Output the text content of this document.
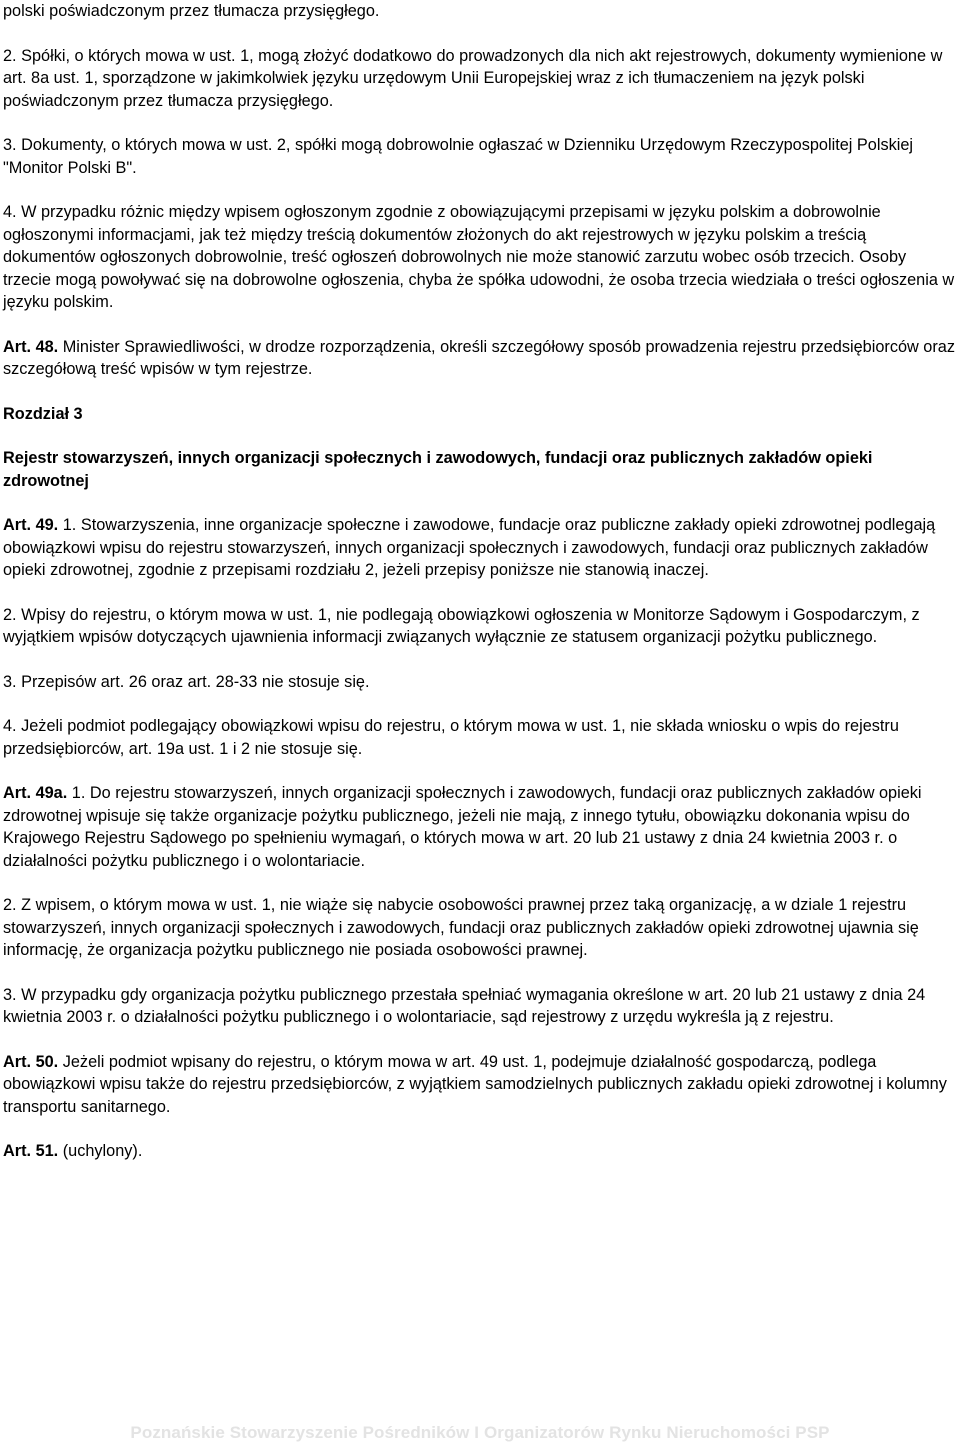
polski poświadczonym przez tłumacza przysięgłego.

2. Spółki, o których mowa w ust. 1, mogą złożyć dodatkowo do prowadzonych dla nich akt rejestrowych, dokumenty wymienione w art. 8a ust. 1, sporządzone w jakimkolwiek języku urzędowym Unii Europejskiej wraz z ich tłumaczeniem na język polski poświadczonym przez tłumacza przysięgłego.

3. Dokumenty, o których mowa w ust. 2, spółki mogą dobrowolnie ogłaszać w Dzienniku Urzędowym Rzeczypospolitej Polskiej "Monitor Polski B".

4. W przypadku różnic między wpisem ogłoszonym zgodnie z obowiązującymi przepisami w języku polskim a dobrowolnie ogłoszonymi informacjami, jak też między treścią dokumentów złożonych do akt rejestrowych w języku polskim a treścią dokumentów ogłoszonych dobrowolnie, treść ogłoszeń dobrowolnych nie może stanowić zarzutu wobec osób trzecich. Osoby trzecie mogą powoływać się na dobrowolne ogłoszenia, chyba że spółka udowodni, że osoba trzecia wiedziała o treści ogłoszenia w języku polskim.

Art. 48. Minister Sprawiedliwości, w drodze rozporządzenia, określi szczegółowy sposób prowadzenia rejestru przedsiębiorców oraz szczegółową treść wpisów w tym rejestrze.

Rozdział 3

Rejestr stowarzyszeń, innych organizacji społecznych i zawodowych, fundacji oraz publicznych zakładów opieki zdrowotnej

Art. 49. 1. Stowarzyszenia, inne organizacje społeczne i zawodowe, fundacje oraz publiczne zakłady opieki zdrowotnej podlegają obowiązkowi wpisu do rejestru stowarzyszeń, innych organizacji społecznych i zawodowych, fundacji oraz publicznych zakładów opieki zdrowotnej, zgodnie z przepisami rozdziału 2, jeżeli przepisy poniższe nie stanowią inaczej.

2. Wpisy do rejestru, o którym mowa w ust. 1, nie podlegają obowiązkowi ogłoszenia w Monitorze Sądowym i Gospodarczym, z wyjątkiem wpisów dotyczących ujawnienia informacji związanych wyłącznie ze statusem organizacji pożytku publicznego.

3. Przepisów art. 26 oraz art. 28-33 nie stosuje się.

4. Jeżeli podmiot podlegający obowiązkowi wpisu do rejestru, o którym mowa w ust. 1, nie składa wniosku o wpis do rejestru przedsiębiorców, art. 19a ust. 1 i 2 nie stosuje się.

Art. 49a. 1. Do rejestru stowarzyszeń, innych organizacji społecznych i zawodowych, fundacji oraz publicznych zakładów opieki zdrowotnej wpisuje się także organizacje pożytku publicznego, jeżeli nie mają, z innego tytułu, obowiązku dokonania wpisu do Krajowego Rejestru Sądowego po spełnieniu wymagań, o których mowa w art. 20 lub 21 ustawy z dnia 24 kwietnia 2003 r. o działalności pożytku publicznego i o wolontariacie.

2. Z wpisem, o którym mowa w ust. 1, nie wiąże się nabycie osobowości prawnej przez taką organizację, a w dziale 1 rejestru stowarzyszeń, innych organizacji społecznych i zawodowych, fundacji oraz publicznych zakładów opieki zdrowotnej ujawnia się informację, że organizacja pożytku publicznego nie posiada osobowości prawnej.

3. W przypadku gdy organizacja pożytku publicznego przestała spełniać wymagania określone w art. 20 lub 21 ustawy z dnia 24 kwietnia 2003 r. o działalności pożytku publicznego i o wolontariacie, sąd rejestrowy z urzędu wykreśla ją z rejestru.

Art. 50. Jeżeli podmiot wpisany do rejestru, o którym mowa w art. 49 ust. 1, podejmuje działalność gospodarczą, podlega obowiązkowi wpisu także do rejestru przedsiębiorców, z wyjątkiem samodzielnych publicznych zakładu opieki zdrowotnej i kolumny transportu sanitarnego.

Art. 51. (uchylony).

Poznańskie Stowarzyszenie Pośredników I Organizatorów Rynku Nieruchomości PSP
